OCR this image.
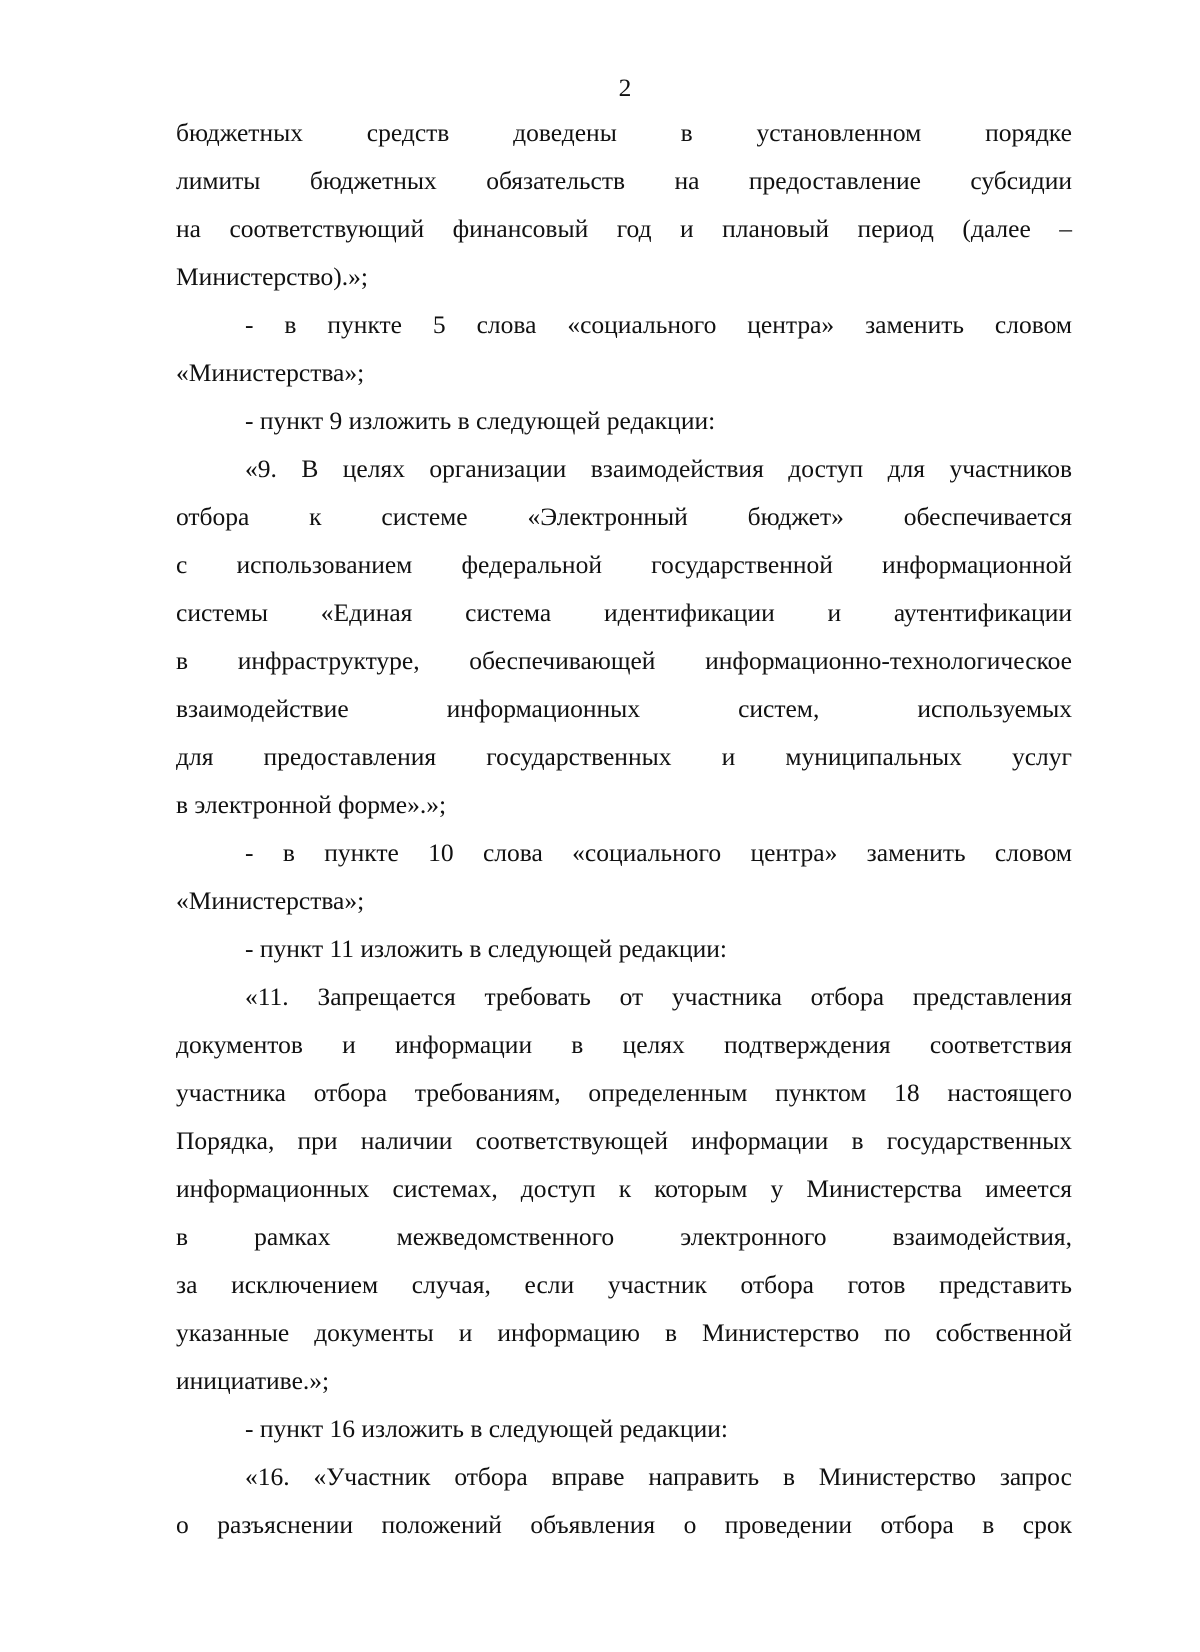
2
бюджетных средств доведены в установленном порядке
лимиты бюджетных обязательств на предоставление субсидии
на соответствующий финансовый год и плановый период (далее –
Министерство).»;
- в пункте 5 слова «социального центра» заменить словом
«Министерства»;
- пункт 9 изложить в следующей редакции:
«9. В целях организации взаимодействия доступ для участников
отбора к системе «Электронный бюджет» обеспечивается
с использованием федеральной государственной информационной
системы «Единая система идентификации и аутентификации
в инфраструктуре, обеспечивающей информационно-технологическое
взаимодействие информационных систем, используемых
для предоставления государственных и муниципальных услуг
в электронной форме».»;
- в пункте 10 слова «социального центра» заменить словом
«Министерства»;
- пункт 11 изложить в следующей редакции:
«11. Запрещается требовать от участника отбора представления
документов и информации в целях подтверждения соответствия
участника отбора требованиям, определенным пунктом 18 настоящего
Порядка, при наличии соответствующей информации в государственных
информационных системах, доступ к которым у Министерства имеется
в рамках межведомственного электронного взаимодействия,
за исключением случая, если участник отбора готов представить
указанные документы и информацию в Министерство по собственной
инициативе.»;
- пункт 16 изложить в следующей редакции:
«16. «Участник отбора вправе направить в Министерство запрос
о разъяснении положений объявления о проведении отбора в срок
